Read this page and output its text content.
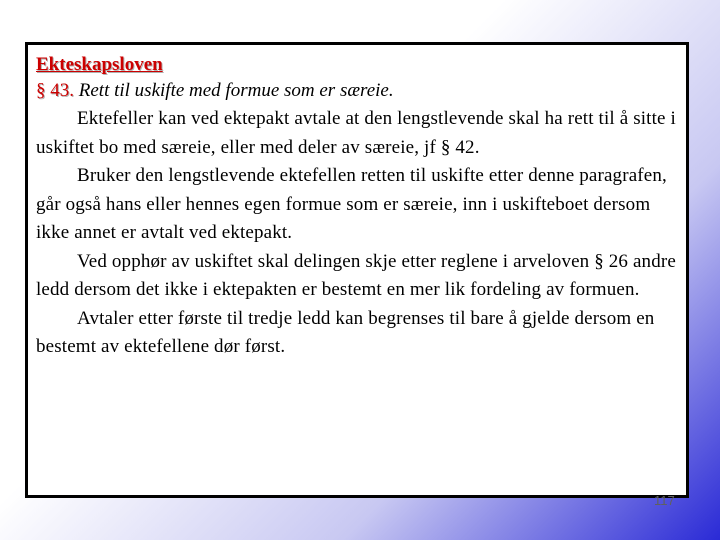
Ekteskapsloven

§ 43. Rett til uskifte med formue som er særeie.

Ektefeller kan ved ektepakt avtale at den lengstlevende skal ha rett til å sitte i uskiftet bo med særeie, eller med deler av særeie, jf § 42.

Bruker den lengstlevende ektefellen retten til uskifte etter denne paragrafen, går også hans eller hennes egen formue som er særeie, inn i uskifteboet dersom ikke annet er avtalt ved ektepakt.

Ved opphør av uskiftet skal delingen skje etter reglene i arveloven § 26 andre ledd dersom det ikke i ektepakten er bestemt en mer lik fordeling av formuen.

Avtaler etter første til tredje ledd kan begrenses til bare å gjelde dersom en bestemt av ektefellene dør først.

117
